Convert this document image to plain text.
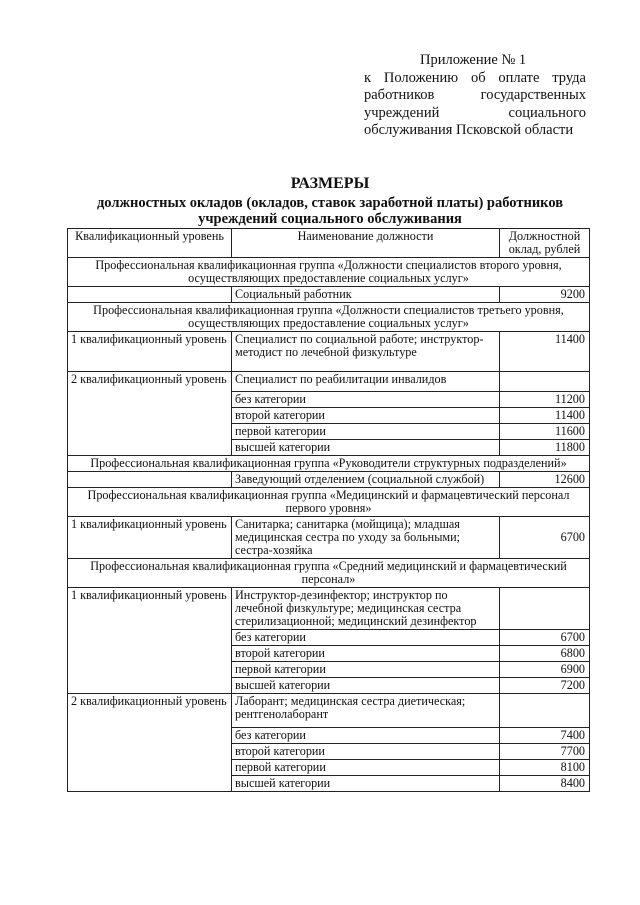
Приложение № 1
к Положению об оплате труда
работников государственных
учреждений социального
обслуживания Псковской области
РАЗМЕРЫ
должностных окладов (окладов, ставок заработной платы) работников
учреждений социального обслуживания
Квалификационный уровень	Наименование должности	Должностной оклад, рублей
Профессиональная квалификационная группа «Должности специалистов второго уровня, осуществляющих предоставление социальных услуг»		
	Социальный работник	9200
Профессиональная квалификационная группа «Должности специалистов третьего уровня, осуществляющих предоставление социальных услуг»		
1 квалификационный уровень	Специалист по социальной работе; инструктор-методист по лечебной физкультуре	11400
2 квалификационный уровень	Специалист по реабилитации инвалидов	
	без категории	11200
	второй категории	11400
	первой категории	11600
	высшей категории	11800
Профессиональная квалификационная группа «Руководители структурных подразделений»		
	Заведующий отделением (социальной службой)	12600
Профессиональная квалификационная группа «Медицинский и фармацевтический персонал первого уровня»		
1 квалификационный уровень	Санитарка; санитарка (мойщица); младшая медицинская сестра по уходу за больными; сестра-хозяйка	6700
Профессиональная квалификационная группа «Средний медицинский и фармацевтический персонал»		
1 квалификационный уровень	Инструктор-дезинфектор; инструктор по лечебной физкультуре; медицинская сестра стерилизационной; медицинский дезинфектор	
	без категории	6700
	второй категории	6800
	первой категории	6900
	высшей категории	7200
2 квалификационный уровень	Лаборант; медицинская сестра диетическая; рентгенолаборант	
	без категории	7400
	второй категории	7700
	первой категории	8100
	высшей категории	8400
